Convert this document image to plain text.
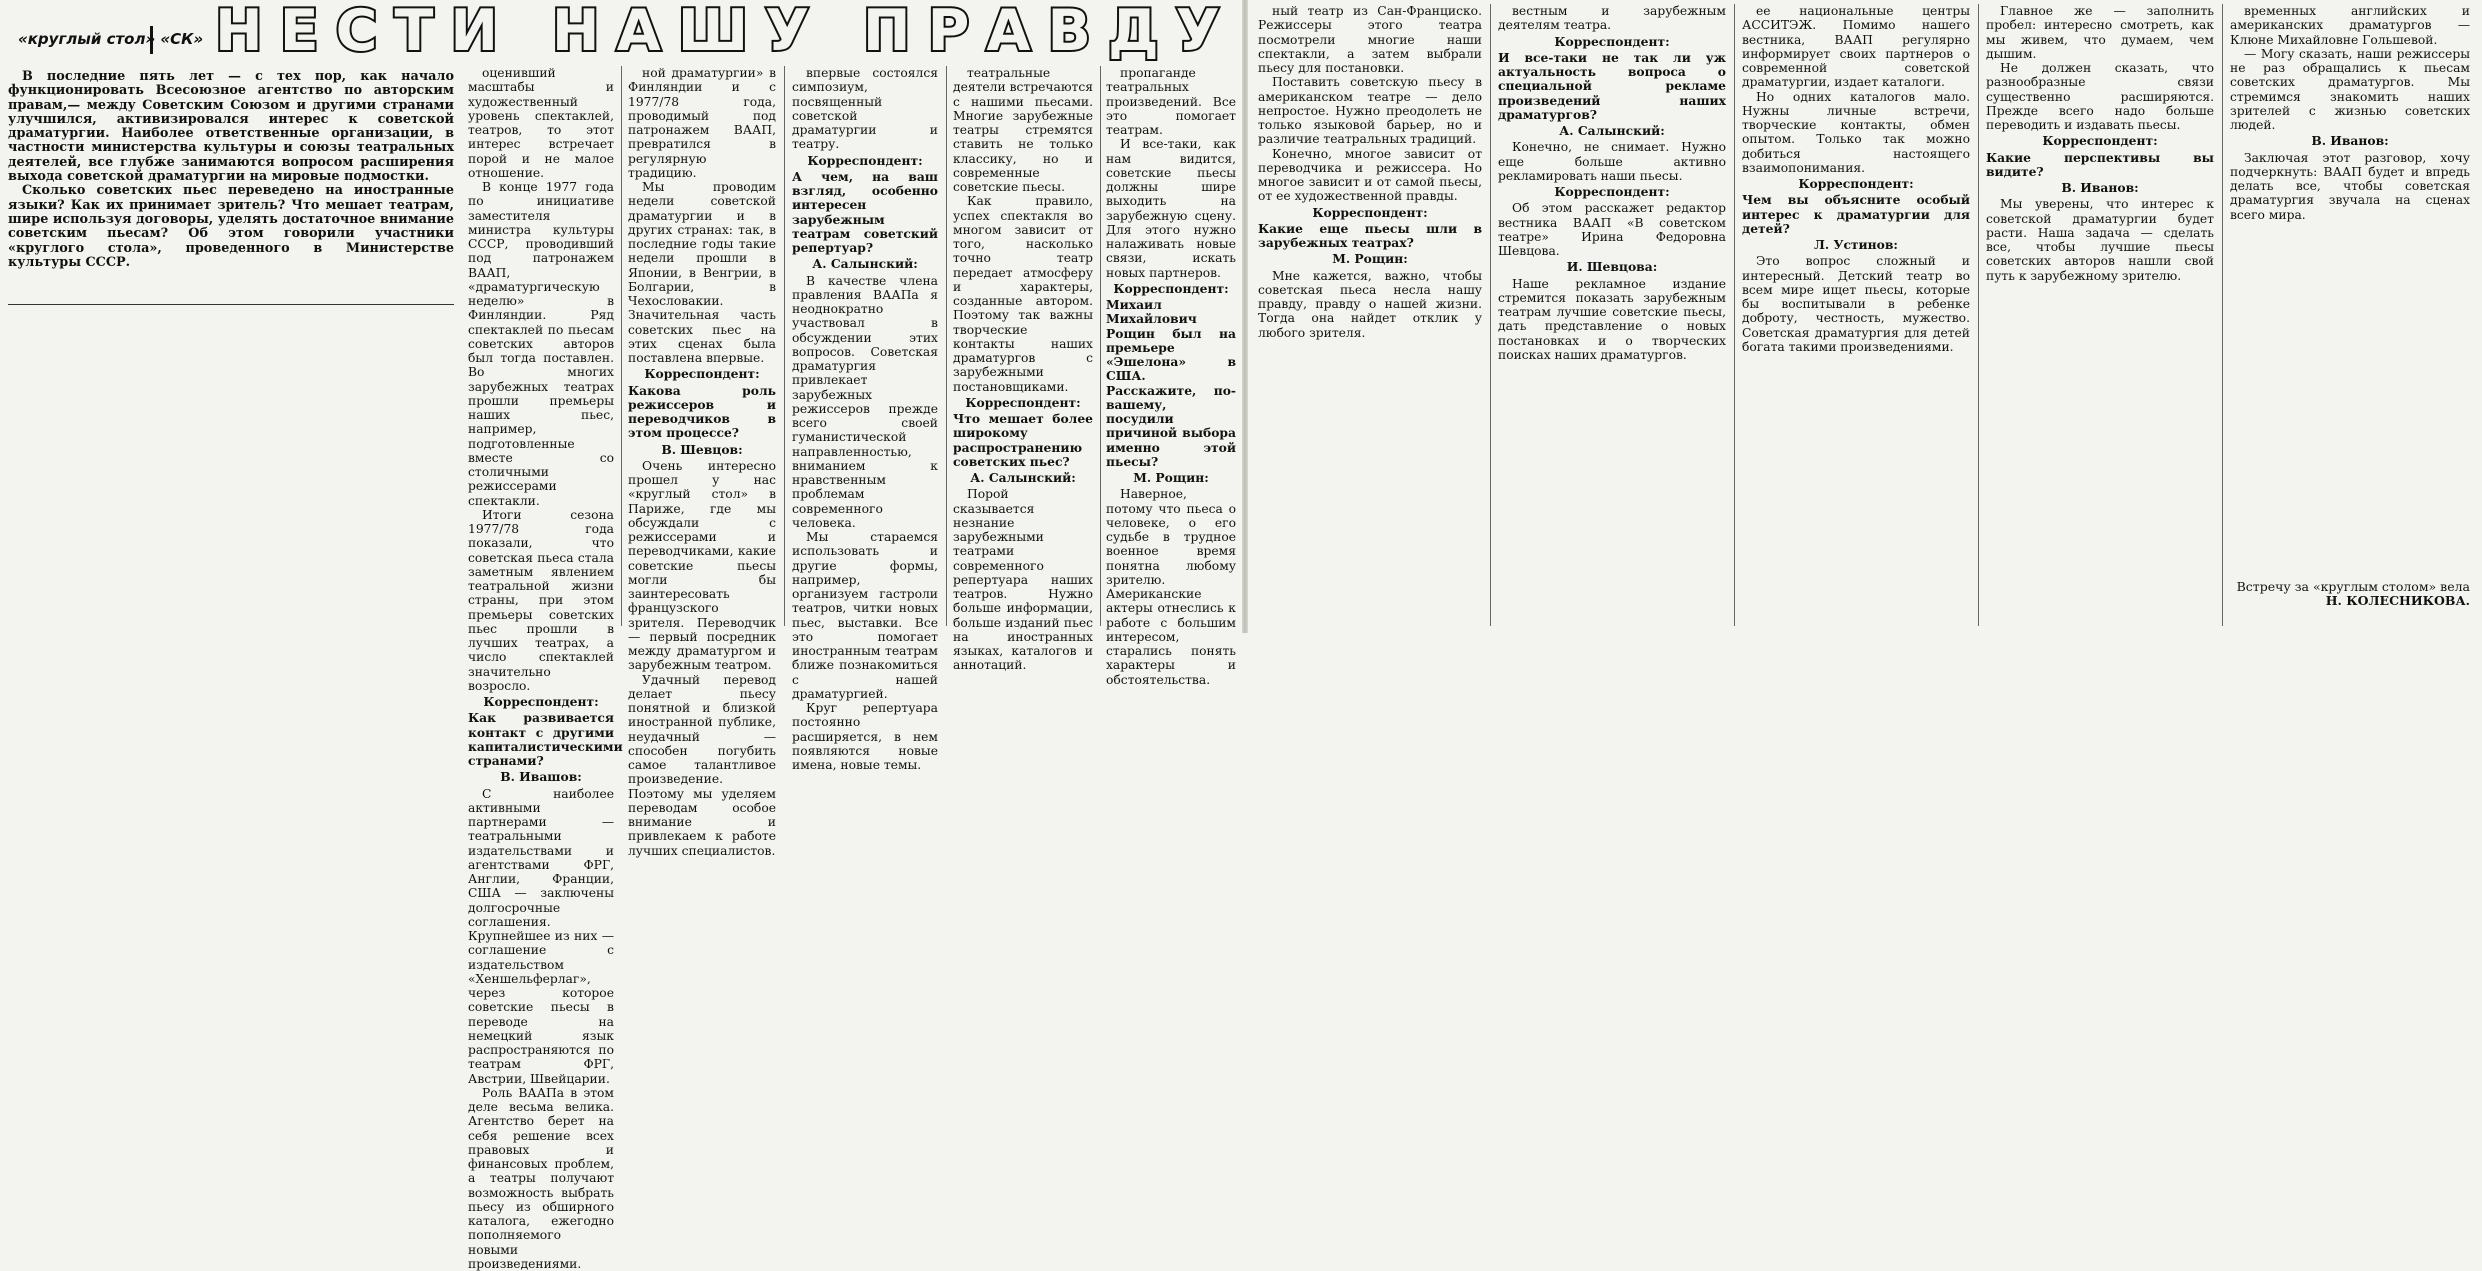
«круглый стол» «СК» НЕСТИ НАШУ ПРАВДУ

В последние пять лет — с тех пор, как начало функционировать Всесоюзное агентство по авторским правам,— между Советским Союзом и другими странами улучшился, активизировался интерес к советской драматургии. Наиболее ответственные организации, в частности министерства культуры и союзы театральных деятелей, все глубже занимаются вопросом расширения выхода советской драматургии на мировые подмостки.

Сколько советских пьес переведено на иностранные языки? Как их принимает зритель? Что мешает театрам, шире используя договоры, уделять достаточное внимание советским пьесам? Об этом говорили участники «круглого стола», проведенного в Министерстве культуры СССР.

оценивший масштабы и художественный уровень спектаклей, театров, то этот интерес встречает порой и не малое отношение.

В конце 1977 года по инициативе заместителя министра культуры СССР, проводивший под патронажем ВААП, «драматургическую неделю» в Финляндии. Ряд спектаклей по пьесам советских авторов был тогда поставлен. Во многих зарубежных театрах прошли премьеры наших пьес, например, подготовленные вместе со столичными режиссерами спектакли.

Итоги сезона 1977/78 года показали, что советская пьеса стала заметным явлением театральной жизни страны, при этом премьеры советских пьес прошли в лучших театрах, а число спектаклей значительно возросло.

Корреспондент:

Как развивается контакт с другими капиталистическими странами?

В. Ивашов:

С наиболее активными партнерами — театральными издательствами и агентствами ФРГ, Англии, Франции, США — заключены долгосрочные соглашения. Крупнейшее из них — соглашение с издательством «Хеншельферлаг», через которое советские пьесы в переводе на немецкий язык распространяются по театрам ФРГ, Австрии, Швейцарии.

Роль ВААПа в этом деле весьма велика. Агентство берет на себя решение всех правовых и финансовых проблем, а театры получают возможность выбрать пьесу из обширного каталога, ежегодно пополняемого новыми произведениями.

ной драматургии» в Финляндии и с 1977/78 года, проводимый под патронажем ВААП, превратился в регулярную традицию.

Мы проводим недели советской драматургии и в других странах: так, в последние годы такие недели прошли в Японии, в Венгрии, в Болгарии, в Чехословакии. Значительная часть советских пьес на этих сценах была поставлена впервые.

Корреспондент:

Какова роль режиссеров и переводчиков в этом процессе?

В. Шевцов:

Очень интересно прошел у нас «круглый стол» в Париже, где мы обсуждали с режиссерами и переводчиками, какие советские пьесы могли бы заинтересовать французского зрителя. Переводчик — первый посредник между драматургом и зарубежным театром.

Удачный перевод делает пьесу понятной и близкой иностранной публике, неудачный — способен погубить самое талантливое произведение. Поэтому мы уделяем переводам особое внимание и привлекаем к работе лучших специалистов.

впервые состоялся симпозиум, посвященный советской драматургии и театру.

Корреспондент:

А чем, на ваш взгляд, особенно интересен зарубежным театрам советский репертуар?

А. Салынский:

В качестве члена правления ВААПа я неоднократно участвовал в обсуждении этих вопросов. Советская драматургия привлекает зарубежных режиссеров прежде всего своей гуманистической направленностью, вниманием к нравственным проблемам современного человека.

Мы стараемся использовать и другие формы, например, организуем гастроли театров, читки новых пьес, выставки. Все это помогает иностранным театрам ближе познакомиться с нашей драматургией.

Круг репертуара постоянно расширяется, в нем появляются новые имена, новые темы.

театральные деятели встречаются с нашими пьесами. Многие зарубежные театры стремятся ставить не только классику, но и современные советские пьесы.

Как правило, успех спектакля во многом зависит от того, насколько точно театр передает атмосферу и характеры, созданные автором. Поэтому так важны творческие контакты наших драматургов с зарубежными постановщиками.

Корреспондент:

Что мешает более широкому распространению советских пьес?

А. Салынский:

Порой сказывается незнание зарубежными театрами современного репертуара наших театров. Нужно больше информации, больше изданий пьес на иностранных языках, каталогов и аннотаций.

пропаганде театральных произведений. Все это помогает театрам.

И все-таки, как нам видится, советские пьесы должны шире выходить на зарубежную сцену. Для этого нужно налаживать новые связи, искать новых партнеров.

Корреспондент:

Михаил Михайлович Рощин был на премьере «Эшелона» в США. Расскажите, по-вашему, посудили причиной выбора именно этой пьесы?

М. Рощин:

Наверное, потому что пьеса о человеке, о его судьбе в трудное военное время понятна любому зрителю. Американские актеры отнеслись к работе с большим интересом, старались понять характеры и обстоятельства.

ный театр из Сан-Франциско. Режиссеры этого театра посмотрели многие наши спектакли, а затем выбрали пьесу для постановки.

Поставить советскую пьесу в американском театре — дело непростое. Нужно преодолеть не только языковой барьер, но и различие театральных традиций.

Конечно, многое зависит от переводчика и режиссера. Но многое зависит и от самой пьесы, от ее художественной правды.

Корреспондент:

Какие еще пьесы шли в зарубежных театрах?

М. Рощин:

Мне кажется, важно, чтобы советская пьеса несла нашу правду, правду о нашей жизни. Тогда она найдет отклик у любого зрителя.

вестным и зарубежным деятелям театра.

Корреспондент:

И все-таки не так ли уж актуальность вопроса о специальной рекламе произведений наших драматургов?

А. Салынский:

Конечно, не снимает. Нужно еще больше активно рекламировать наши пьесы.

Корреспондент:

Об этом расскажет редактор вестника ВААП «В советском театре» Ирина Федоровна Шевцова.

И. Шевцова:

Наше рекламное издание стремится показать зарубежным театрам лучшие советские пьесы, дать представление о новых постановках и о творческих поисках наших драматургов.

ее национальные центры АССИТЭЖ. Помимо нашего вестника, ВААП регулярно информирует своих партнеров о современной советской драматургии, издает каталоги.

Но одних каталогов мало. Нужны личные встречи, творческие контакты, обмен опытом. Только так можно добиться настоящего взаимопонимания.

Корреспондент:

Чем вы объясните особый интерес к драматургии для детей?

Л. Устинов:

Это вопрос сложный и интересный. Детский театр во всем мире ищет пьесы, которые бы воспитывали в ребенке доброту, честность, мужество. Советская драматургия для детей богата такими произведениями.

Главное же — заполнить пробел: интересно смотреть, как мы живем, что думаем, чем дышим.

Не должен сказать, что разнообразные связи существенно расширяются. Прежде всего надо больше переводить и издавать пьесы.

Корреспондент:

Какие перспективы вы видите?

В. Иванов:

Мы уверены, что интерес к советской драматургии будет расти. Наша задача — сделать все, чтобы лучшие пьесы советских авторов нашли свой путь к зарубежному зрителю.

временных английских и американских драматургов — Клюне Михайловне Гольшевой.

— Могу сказать, наши режиссеры не раз обращались к пьесам советских драматургов. Мы стремимся знакомить наших зрителей с жизнью советских людей.

В. Иванов:

Заключая этот разговор, хочу подчеркнуть: ВААП будет и впредь делать все, чтобы советская драматургия звучала на сценах всего мира.

Встречу за «круглым столом» вела
Н. КОЛЕСНИКОВА.
